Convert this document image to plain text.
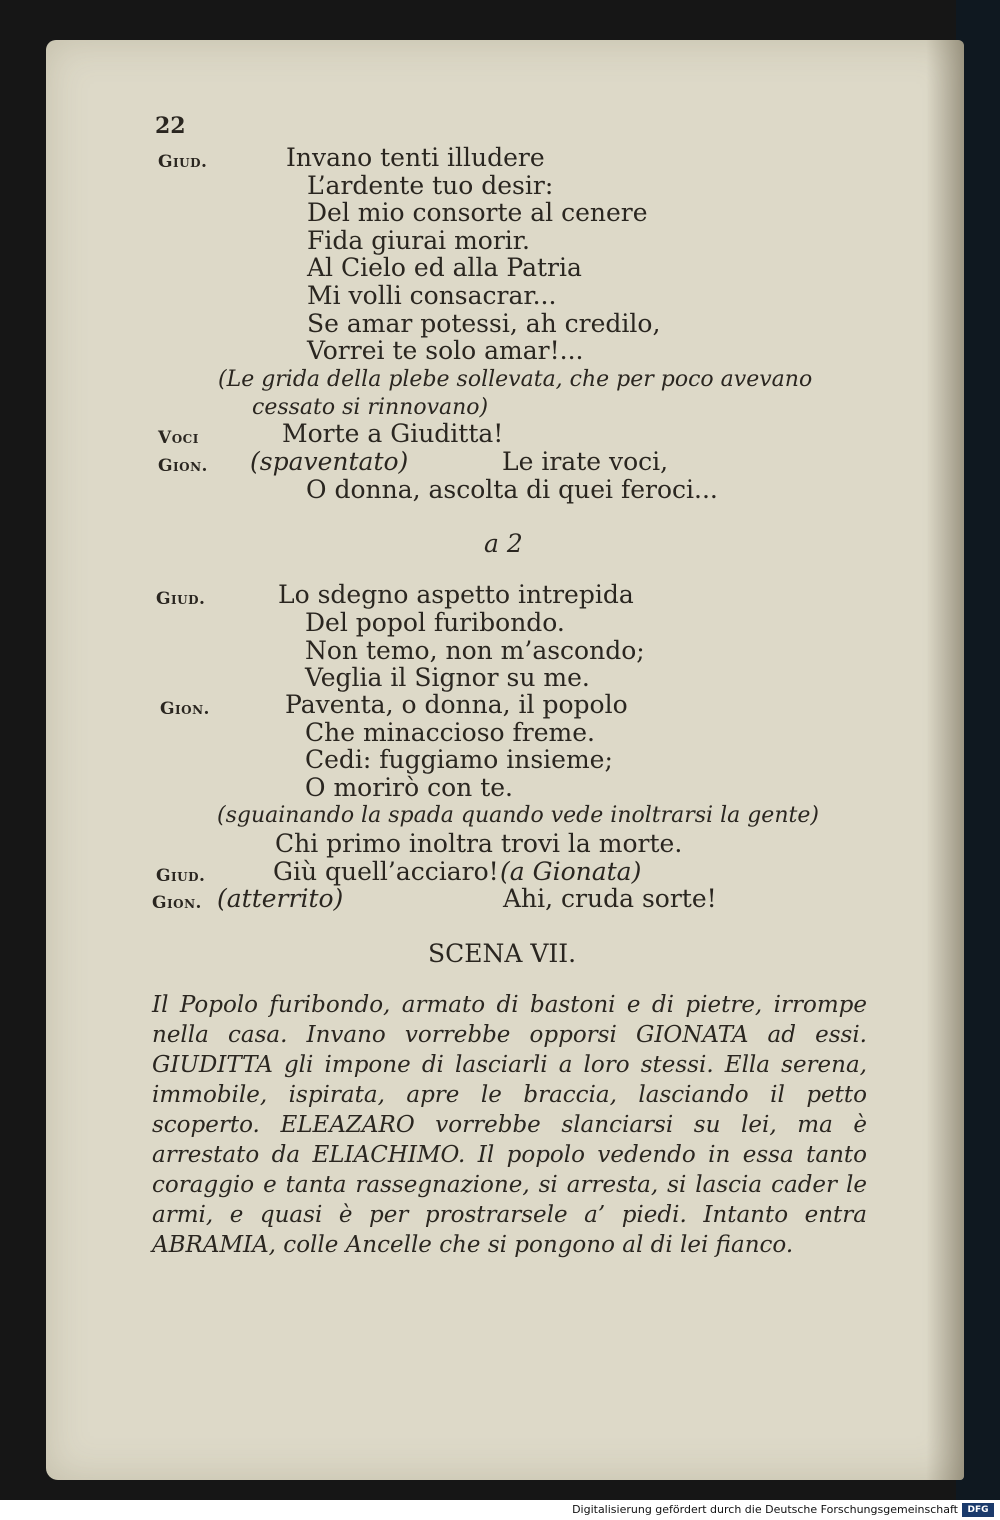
22
Giud.	Invano tenti illudere
L’ardente tuo desir:
Del mio consorte al cenere
Fida giurai morir.
Al Cielo ed alla Patria
Mi volli consacrar...
Se amar potessi, ah credilo,
Vorrei te solo amar!...
(Le grida della plebe sollevata, che per poco avevano
cessato si rinnovano)
Voci	Morte a Giuditta!
Gion. (spaventato)	Le irate voci,
O donna, ascolta di quei feroci...
a 2
Giud.	Lo sdegno aspetto intrepida
Del popol furibondo.
Non temo, non m’ascondo;
Veglia il Signor su me.
Gion.	Paventa, o donna, il popolo
Che minaccioso freme.
Cedi: fuggiamo insieme;
O morirò con te.
(sguainando la spada quando vede inoltrarsi la gente)
Chi primo inoltra trovi la morte.
Giud.	Giù quell’acciaro! (a Gionata)
Gion. (atterrito)	Ahi, cruda sorte!
SCENA VII.
Il Popolo furibondo, armato di bastoni e di pietre, irrompe nella casa. Invano vorrebbe opporsi GIONATA ad essi. GIUDITTA gli impone di lasciarli a loro stessi. Ella serena, immobile, ispirata, apre le braccia, lasciando il petto scoperto. ELEAZARO vorrebbe slanciarsi su lei, ma è arrestato da ELIACHIMO. Il popolo vedendo in essa tanto coraggio e tanta rassegnazione, si arresta, si lascia cader le armi, e quasi è per prostrarsele a’ piedi. Intanto entra ABRAMIA, colle Ancelle che si pongono al di lei fianco.
Digitalisierung gefördert durch die Deutsche Forschungsgemeinschaft	DFG
